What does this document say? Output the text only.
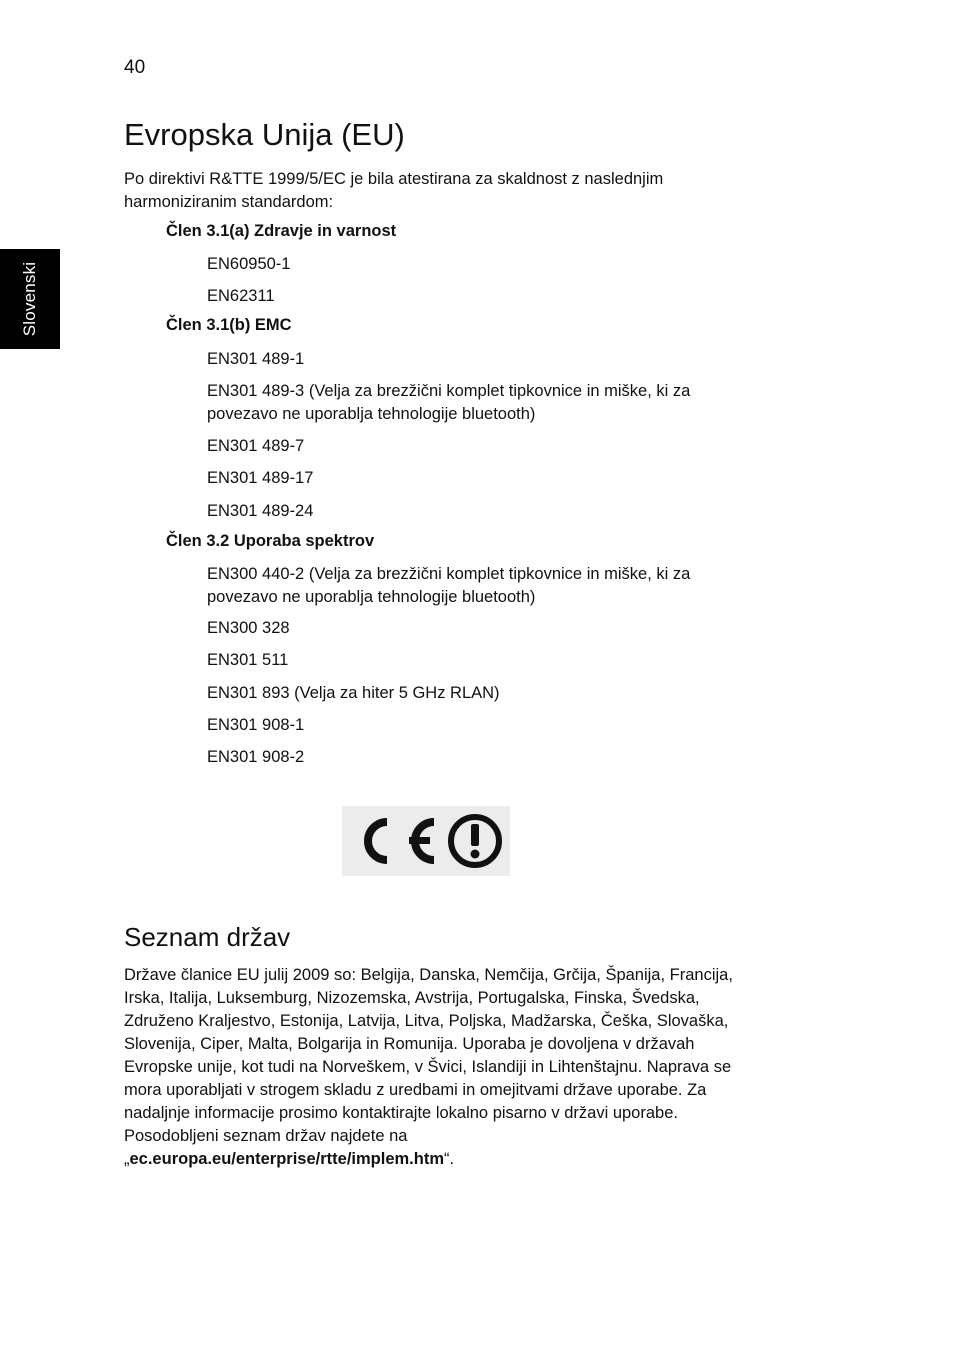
40
Slovenski
Evropska Unija (EU)

Po direktivi R&TTE 1999/5/EC je bila atestirana za skaldnost z naslednjim
harmoniziranim standardom:

Člen 3.1(a) Zdravje in varnost

EN60950-1

EN62311

Člen 3.1(b) EMC

EN301 489-1

EN301 489-3 (Velja za brezžični komplet tipkovnice in miške, ki za
povezavo ne uporablja tehnologije bluetooth)

EN301 489-7

EN301 489-17

EN301 489-24

Člen 3.2 Uporaba spektrov

EN300 440-2 (Velja za brezžični komplet tipkovnice in miške, ki za
povezavo ne uporablja tehnologije bluetooth)

EN300 328

EN301 511

EN301 893 (Velja za hiter 5 GHz RLAN)

EN301 908-1

EN301 908-2

Seznam držav

Države članice EU julij 2009 so: Belgija, Danska, Nemčija, Grčija, Španija, Francija,
Irska, Italija, Luksemburg, Nizozemska, Avstrija, Portugalska, Finska, Švedska,
Združeno Kraljestvo, Estonija, Latvija, Litva, Poljska, Madžarska, Češka, Slovaška,
Slovenija, Ciper, Malta, Bolgarija in Romunija. Uporaba je dovoljena v državah
Evropske unije, kot tudi na Norveškem, v Švici, Islandiji in Lihtenštajnu. Naprava se
mora uporabljati v strogem skladu z uredbami in omejitvami države uporabe. Za
nadaljnje informacije prosimo kontaktirajte lokalno pisarno v državi uporabe.
Posodobljeni seznam držav najdete na
„ec.europa.eu/enterprise/rtte/implem.htm“.
